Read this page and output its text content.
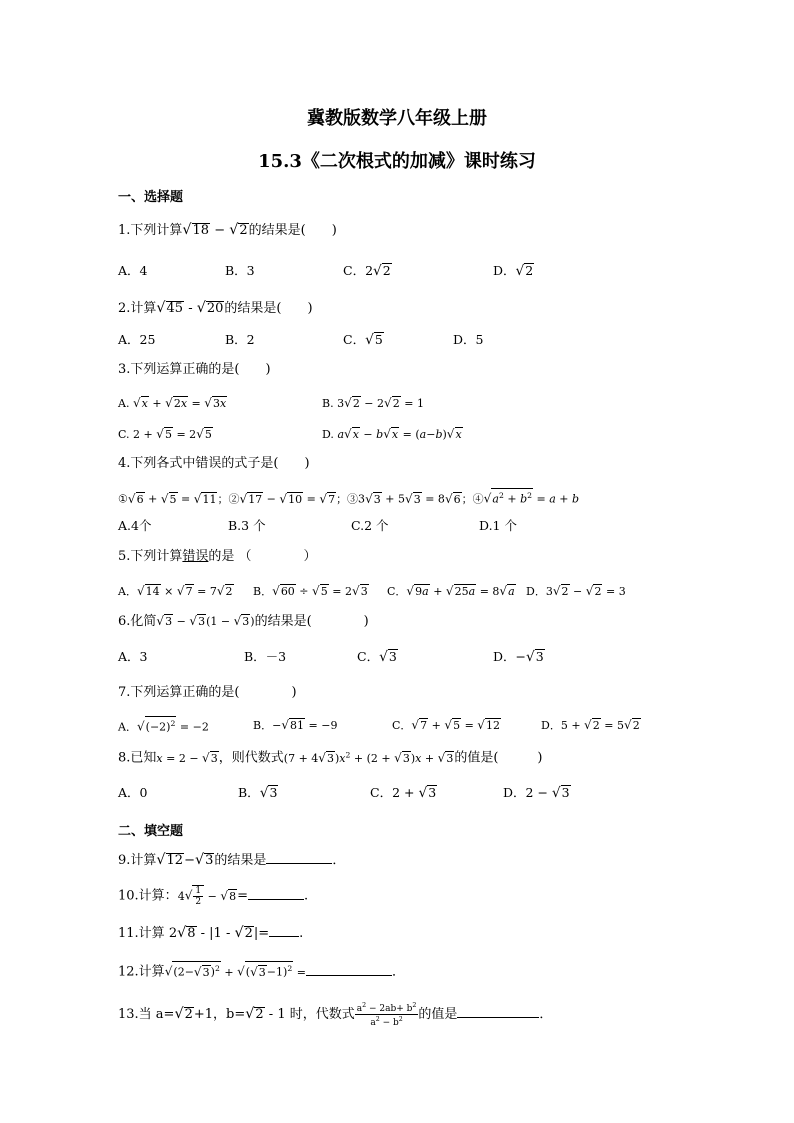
冀教版数学八年级上册
15.3《二次根式的加减》课时练习
一、选择题
1.下列计算√18 − √2的结果是(　　)
A．4	B．3	C．2√2	D．√2
2.计算√45 - √20的结果是(　　)
A．25	B．2	C．√5	D．5
3.下列运算正确的是(　　)
A. √x + √2x = √3x	B. 3√2 − 2√2 = 1
C. 2 + √5 = 2√5	D. a√x − b√x = (a−b)√x
4.下列各式中错误的式子是(　　)
①√6 + √5 = √11；②√17 − √10 = √7；③3√3 + 5√3 = 8√6；$④√a^2 + b^2 = a + b$
A.4个	B.3 个	C.2 个	D.1 个
5.下列计算错误的是 （　　　　）
A．√14 × √7 = 7√2 B．√60 ÷ √5 = 2√3 C．√9a + √25a = 8√a D．3√2 − √2 = 3
6.化简√3 − √3(1 − √3)的结果是(　　　　)
A．3	B．－3	C．√3	D．−√3
7.下列运算正确的是(　　　　)
A．$√(-2)^2 = -2$	B．−√81 = −9	C．√7 + √5 = √12	D．5 + √2 = 5√2
8.已知x = 2 − √3，则代数式$(7 + 4√3)x^2 + (2 + √3)x + √3$的值是(　　　)
A．0	B．√3	C．2 + √3	D．2 − √3
二、填空题
9.计算√12−√3的结果是	．
10.计算：$4√ \frac{1}{2} - √8=$	.
11.计算 2√8 - |1 - √2|= .
12.计算$√(2-√3)^2 + √(√3-1)^2$ =	．
13.当 a=√2+1，b=√2 - 1 时，代数式 $\frac{a^2 - 2ab+ b^2}{a^2 - b^2}$ 的值是	．
